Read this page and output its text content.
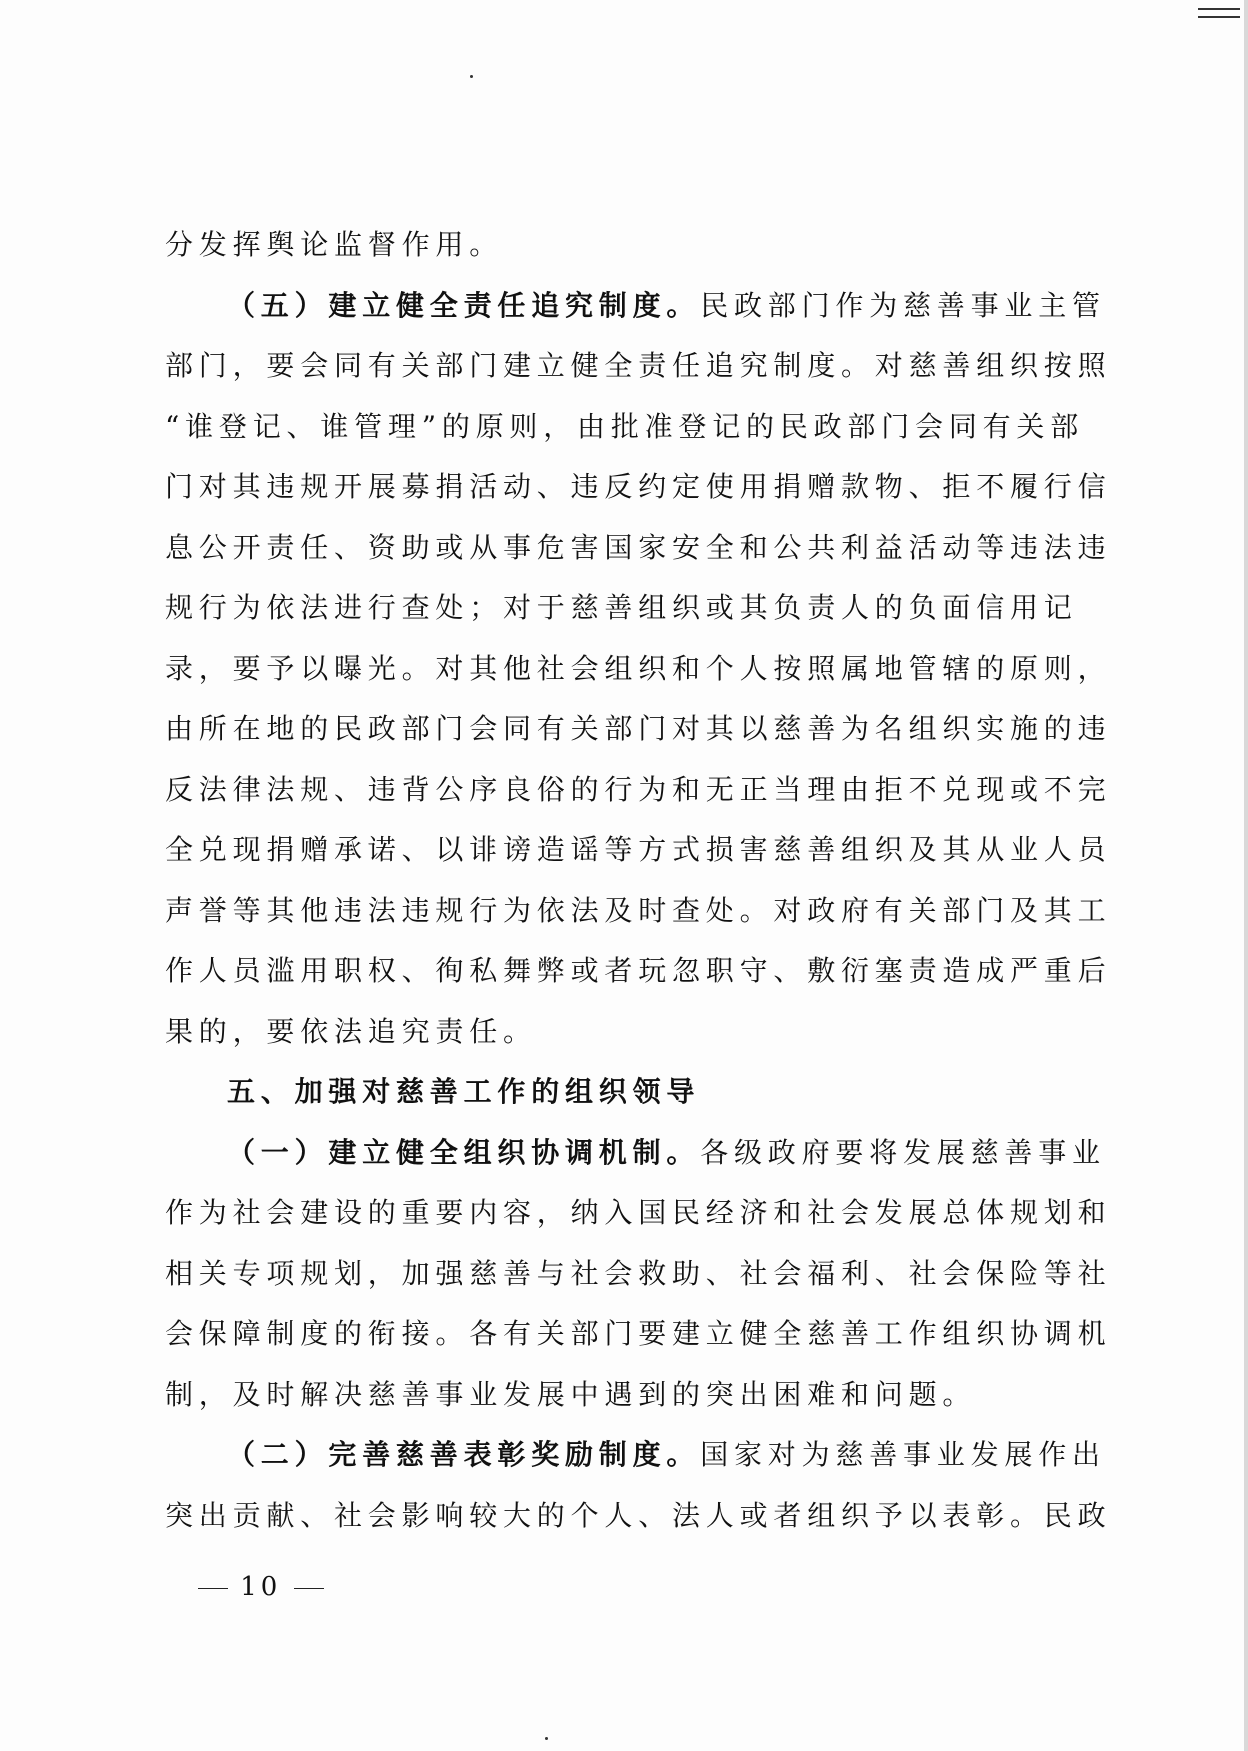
分发挥舆论监督作用。
（五）建立健全责任追究制度。民政部门作为慈善事业主管
部门，要会同有关部门建立健全责任追究制度。对慈善组织按照
“谁登记、谁管理”的原则，由批准登记的民政部门会同有关部
门对其违规开展募捐活动、违反约定使用捐赠款物、拒不履行信
息公开责任、资助或从事危害国家安全和公共利益活动等违法违
规行为依法进行查处；对于慈善组织或其负责人的负面信用记
录，要予以曝光。对其他社会组织和个人按照属地管辖的原则，
由所在地的民政部门会同有关部门对其以慈善为名组织实施的违
反法律法规、违背公序良俗的行为和无正当理由拒不兑现或不完
全兑现捐赠承诺、以诽谤造谣等方式损害慈善组织及其从业人员
声誉等其他违法违规行为依法及时查处。对政府有关部门及其工
作人员滥用职权、徇私舞弊或者玩忽职守、敷衍塞责造成严重后
果的，要依法追究责任。
五、加强对慈善工作的组织领导
（一）建立健全组织协调机制。各级政府要将发展慈善事业
作为社会建设的重要内容，纳入国民经济和社会发展总体规划和
相关专项规划，加强慈善与社会救助、社会福利、社会保险等社
会保障制度的衔接。各有关部门要建立健全慈善工作组织协调机
制，及时解决慈善事业发展中遇到的突出困难和问题。
（二）完善慈善表彰奖励制度。国家对为慈善事业发展作出
突出贡献、社会影响较大的个人、法人或者组织予以表彰。民政
10
